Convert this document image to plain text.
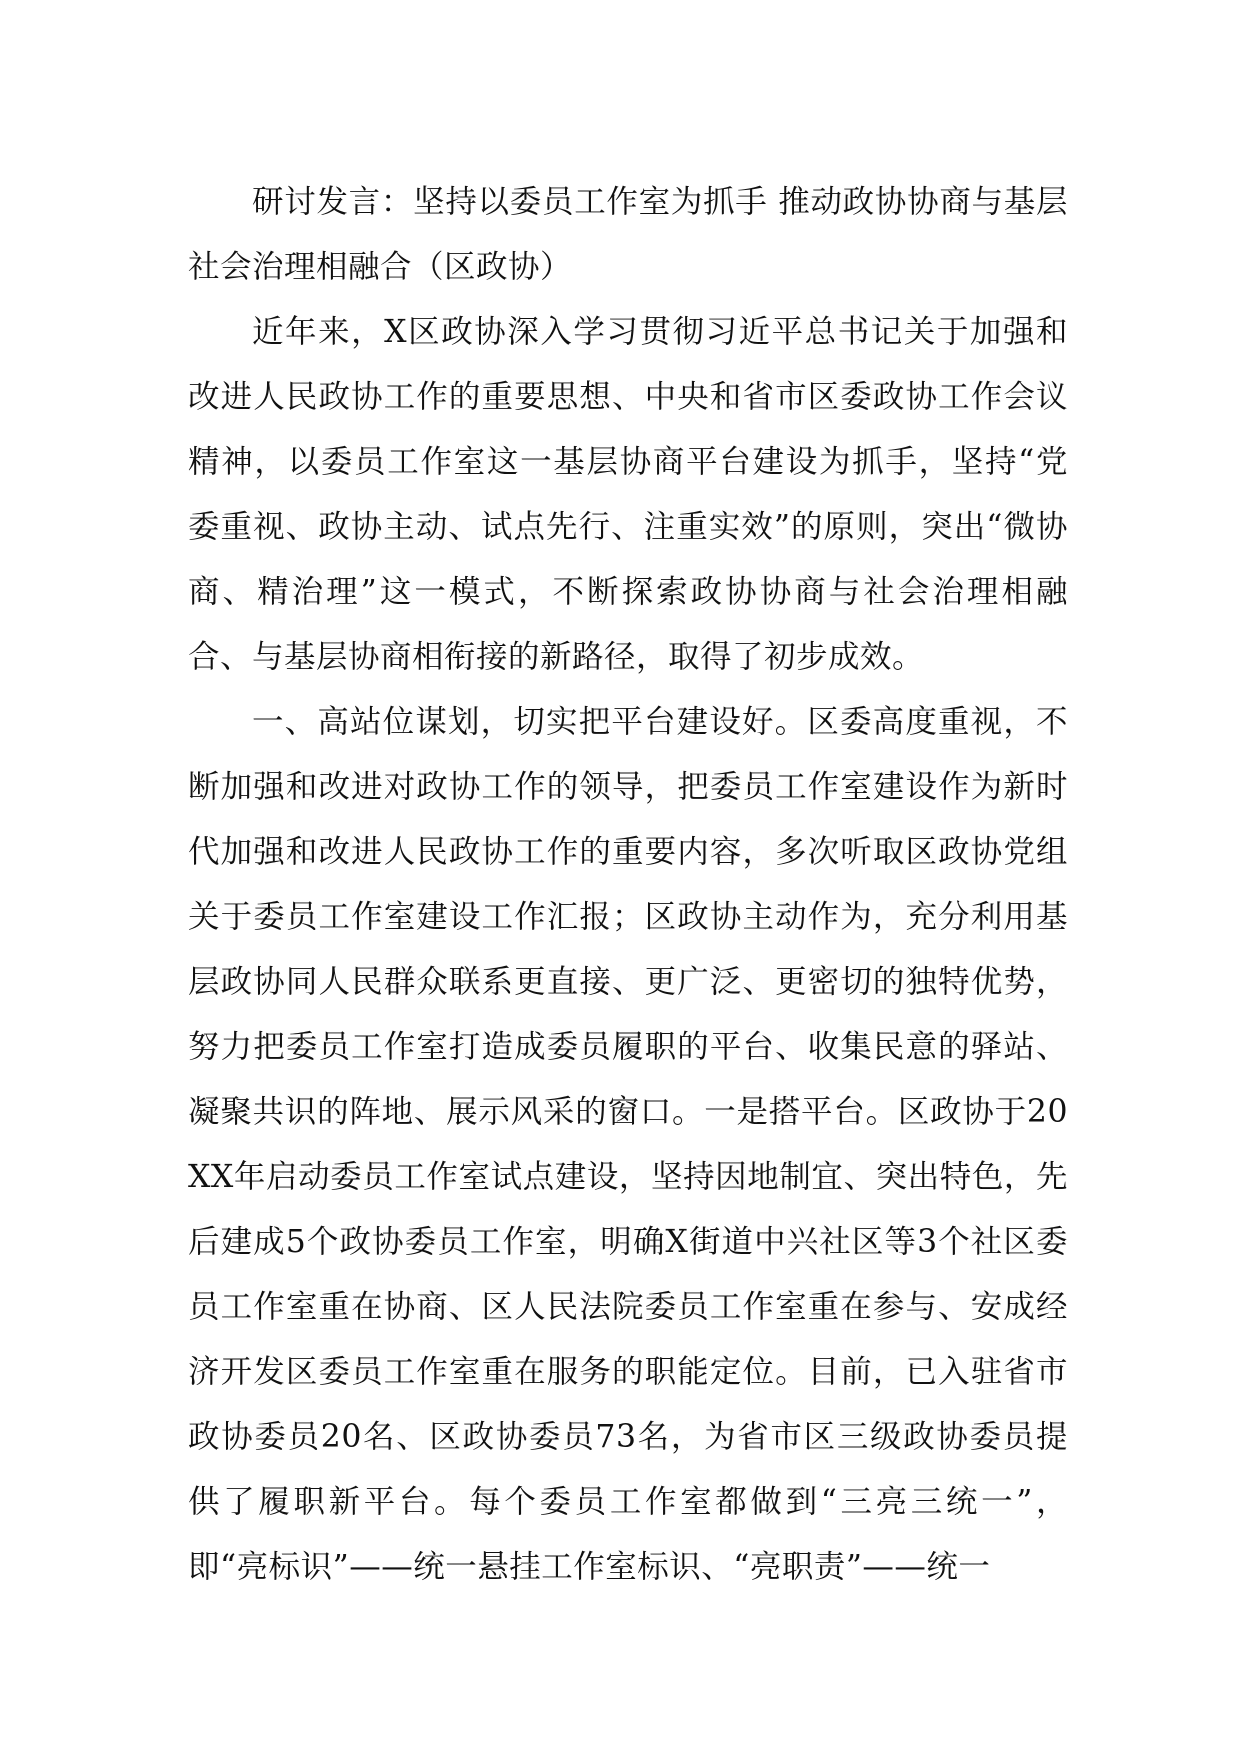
研讨发言：坚持以委员工作室为抓手 推动政协协商与基层社会治理相融合（区政协）

近年来，X区政协深入学习贯彻习近平总书记关于加强和改进人民政协工作的重要思想、中央和省市区委政协工作会议精神，以委员工作室这一基层协商平台建设为抓手，坚持“党委重视、政协主动、试点先行、注重实效”的原则，突出“微协商、精治理”这一模式，不断探索政协协商与社会治理相融合、与基层协商相衔接的新路径，取得了初步成效。

一、高站位谋划，切实把平台建设好。区委高度重视，不断加强和改进对政协工作的领导，把委员工作室建设作为新时代加强和改进人民政协工作的重要内容，多次听取区政协党组关于委员工作室建设工作汇报；区政协主动作为，充分利用基层政协同人民群众联系更直接、更广泛、更密切的独特优势，努力把委员工作室打造成委员履职的平台、收集民意的驿站、凝聚共识的阵地、展示风采的窗口。一是搭平台。区政协于20XX年启动委员工作室试点建设，坚持因地制宜、突出特色，先后建成5个政协委员工作室，明确X街道中兴社区等3个社区委员工作室重在协商、区人民法院委员工作室重在参与、安成经济开发区委员工作室重在服务的职能定位。目前，已入驻省市政协委员20名、区政协委员73名，为省市区三级政协委员提供了履职新平台。每个委员工作室都做到“三亮三统一”，即“亮标识”——统一悬挂工作室标识、“亮职责”——统一
